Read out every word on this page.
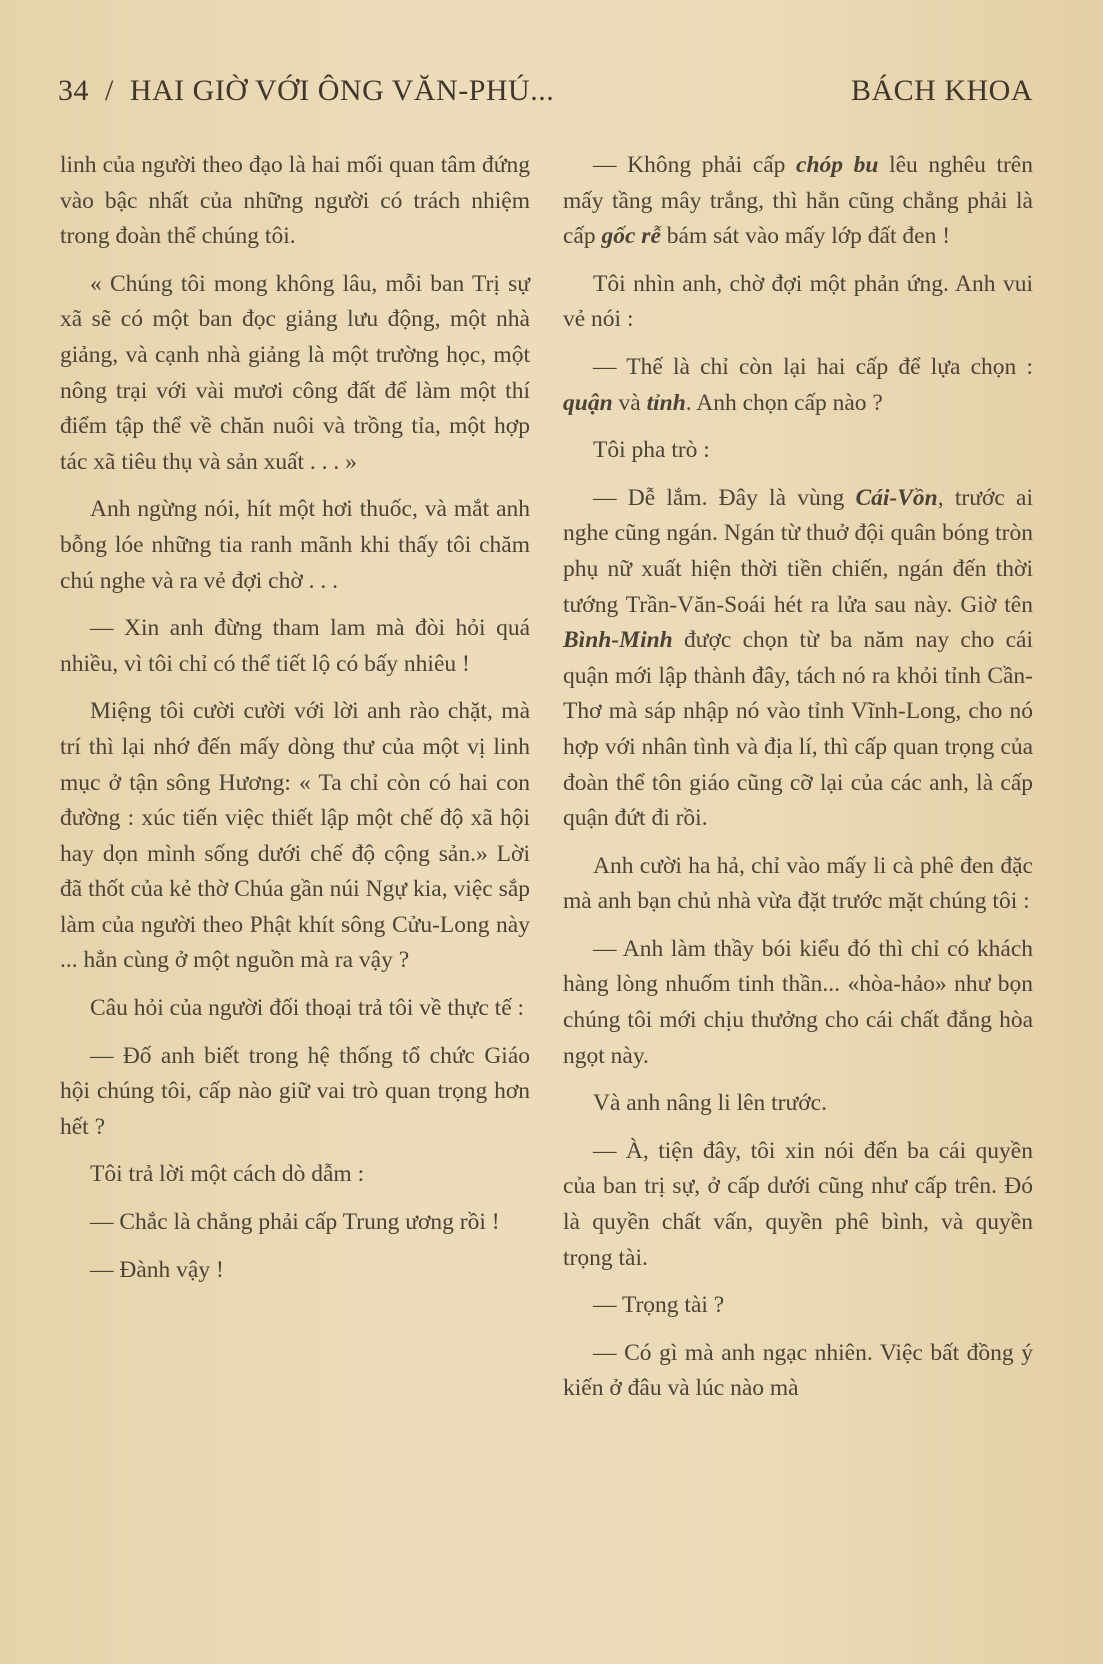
34 / HAI GIỜ VỚI ÔNG VĂN-PHÚ...	BÁCH KHOA

linh của người theo đạo là hai mối quan tâm đứng vào bậc nhất của những người có trách nhiệm trong đoàn thể chúng tôi.

« Chúng tôi mong không lâu, mỗi ban Trị sự xã sẽ có một ban đọc giảng lưu động, một nhà giảng, và cạnh nhà giảng là một trường học, một nông trại với vài mươi công đất để làm một thí điểm tập thể về chăn nuôi và trồng tỉa, một hợp tác xã tiêu thụ và sản xuất . . . »

Anh ngừng nói, hít một hơi thuốc, và mắt anh bỗng lóe những tia ranh mãnh khi thấy tôi chăm chú nghe và ra vẻ đợi chờ . . .

— Xin anh đừng tham lam mà đòi hỏi quá nhiều, vì tôi chỉ có thể tiết lộ có bấy nhiêu !

Miệng tôi cười cười với lời anh rào chặt, mà trí thì lại nhớ đến mấy dòng thư của một vị linh mục ở tận sông Hương: « Ta chỉ còn có hai con đường : xúc tiến việc thiết lập một chế độ xã hội hay dọn mình sống dưới chế độ cộng sản.» Lời đã thốt của kẻ thờ Chúa gần núi Ngự kia, việc sắp làm của người theo Phật khít sông Cửu-Long này ... hẳn cùng ở một nguồn mà ra vậy ?

Câu hỏi của người đối thoại trả tôi về thực tế :

— Đố anh biết trong hệ thống tổ chức Giáo hội chúng tôi, cấp nào giữ vai trò quan trọng hơn hết ?

Tôi trả lời một cách dò dẫm :

— Chắc là chẳng phải cấp Trung ương rồi !

— Đành vậy !

— Không phải cấp chóp bu lêu nghêu trên mấy tầng mây trắng, thì hẳn cũng chẳng phải là cấp gốc rễ bám sát vào mấy lớp đất đen !

Tôi nhìn anh, chờ đợi một phản ứng. Anh vui vẻ nói :

— Thế là chỉ còn lại hai cấp để lựa chọn : quận và tỉnh. Anh chọn cấp nào ?

Tôi pha trò :

— Dễ lắm. Đây là vùng Cái-Vồn, trước ai nghe cũng ngán. Ngán từ thuở đội quân bóng tròn phụ nữ xuất hiện thời tiền chiến, ngán đến thời tướng Trần-Văn-Soái hét ra lửa sau này. Giờ tên Bình-Minh được chọn từ ba năm nay cho cái quận mới lập thành đây, tách nó ra khỏi tỉnh Cần-Thơ mà sáp nhập nó vào tỉnh Vĩnh-Long, cho nó hợp với nhân tình và địa lí, thì cấp quan trọng của đoàn thể tôn giáo cũng cỡ lại của các anh, là cấp quận đứt đi rồi.

Anh cười ha hả, chỉ vào mấy li cà phê đen đặc mà anh bạn chủ nhà vừa đặt trước mặt chúng tôi :

— Anh làm thầy bói kiểu đó thì chỉ có khách hàng lòng nhuốm tinh thần... «hòa-hảo» như bọn chúng tôi mới chịu thưởng cho cái chất đắng hòa ngọt này.

Và anh nâng li lên trước.

— À, tiện đây, tôi xin nói đến ba cái quyền của ban trị sự, ở cấp dưới cũng như cấp trên. Đó là quyền chất vấn, quyền phê bình, và quyền trọng tài.

— Trọng tài ?

— Có gì mà anh ngạc nhiên. Việc bất đồng ý kiến ở đâu và lúc nào mà
